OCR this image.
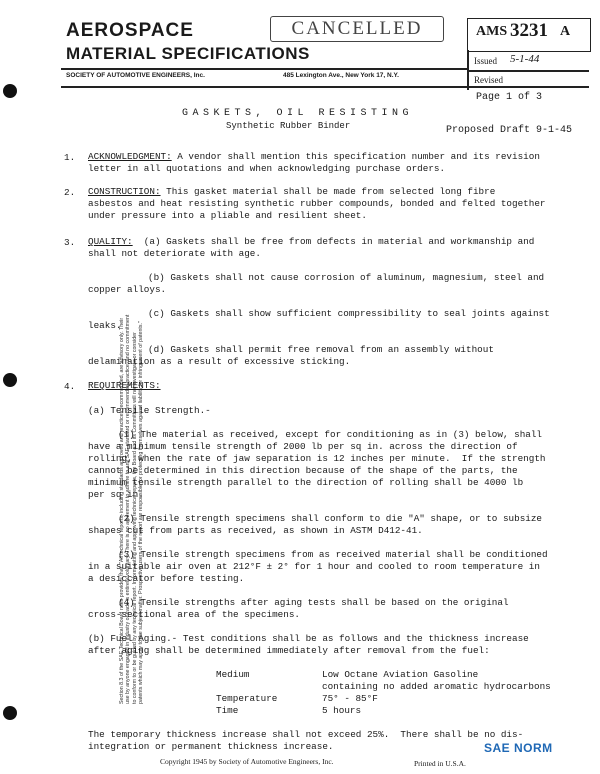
Section 8.3 of the SAE Technical Board rules provides that: "All technical reports, including standards approved and practices recommended, are advisory only. Their use by anyone engaged in industry or trade is entirely voluntary. There is no agreement to adhere to any SAE standard or recommended practice, and no commitment to conform to or be guided by any technical report. In formulating and approving technical reports, the Board and its Committees will not investigate or consider patents which may apply to the subject matter. Prospective users of the report are responsible for protecting themselves against liability for infringement of patents."
AEROSPACE
MATERIAL SPECIFICATIONS
SOCIETY OF AUTOMOTIVE ENGINEERS, Inc.	485 Lexington Ave., New York 17, N.Y.
CANCELLED	AMS 3231 A
Issued 5-1-44
Revised
Page 1 of 3
GASKETS, OIL RESISTING
Synthetic Rubber Binder	Proposed Draft 9-1-45
1. ACKNOWLEDGMENT: A vendor shall mention this specification number and its revision
letter in all quotations and when acknowledging purchase orders.
2. CONSTRUCTION: This gasket material shall be made from selected long fibre
asbestos and heat resisting synthetic rubber compounds, bonded and felted together
under pressure into a pliable and resilient sheet.
3. QUALITY:  (a) Gaskets shall be free from defects in material and workmanship and
shall not deteriorate with age.
(b) Gaskets shall not cause corrosion of aluminum, magnesium, steel and
copper alloys.
(c) Gaskets shall show sufficient compressibility to seal joints against
leaks.
(d) Gaskets shall permit free removal from an assembly without
delamination as a result of excessive sticking.
4. REQUIREMENTS:
(a) Tensile Strength.-
(1) The material as received, except for conditioning as in (3) below, shall
have a minimum tensile strength of 2000 lb per sq in. across the direction of
rolling, when the rate of jaw separation is 12 inches per minute.  If the strength
cannot be determined in this direction because of the shape of the parts, the
minimum tensile strength parallel to the direction of rolling shall be 4000 lb
per sq in.
(2) Tensile strength specimens shall conform to die "A" shape, or to subsize
shapes cut from parts as received, as shown in ASTM D412-41.
(3) Tensile strength specimens from as received material shall be conditioned
in a suitable air oven at 212°F ± 2° for 1 hour and cooled to room temperature in
a desiccator before testing.
(4) Tensile strengths after aging tests shall be based on the original
cross-sectional area of the specimens.
(b) Fuel Aging.- Test conditions shall be as follows and the thickness increase
after aging shall be determined immediately after removal from the fuel:
Medium	Low Octane Aviation Gasoline
containing no added aromatic hydrocarbons
Temperature	75° - 85°F
Time	5 hours
The temporary thickness increase shall not exceed 25%.  There shall be no dis-
integration or permanent thickness increase.
Copyright 1945 by Society of Automotive Engineers, Inc.	Printed in U.S.A.
SAE NORM
